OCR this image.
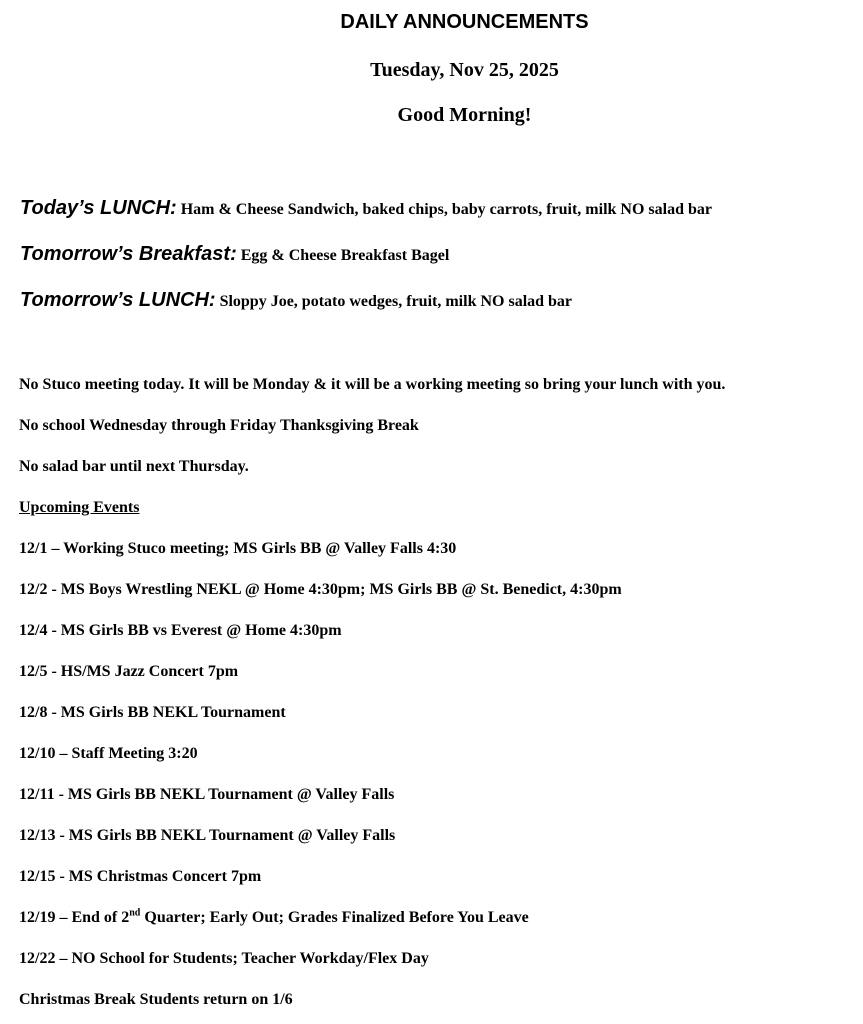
DAILY ANNOUNCEMENTS
Tuesday, Nov 25, 2025
Good Morning!
Today’s LUNCH: Ham & Cheese Sandwich, baked chips, baby carrots, fruit, milk NO salad bar
Tomorrow’s Breakfast: Egg & Cheese Breakfast Bagel
Tomorrow’s LUNCH: Sloppy Joe, potato wedges, fruit, milk NO salad bar
No Stuco meeting today. It will be Monday & it will be a working meeting so bring your lunch with you.
No school Wednesday through Friday Thanksgiving Break
No salad bar until next Thursday.
Upcoming Events
12/1 – Working Stuco meeting; MS Girls BB @ Valley Falls 4:30
12/2 - MS Boys Wrestling NEKL @ Home 4:30pm; MS Girls BB @ St. Benedict, 4:30pm
12/4 - MS Girls BB vs Everest @ Home 4:30pm
12/5 - HS/MS Jazz Concert 7pm
12/8 - MS Girls BB NEKL Tournament
12/10 – Staff Meeting 3:20
12/11 - MS Girls BB NEKL Tournament @ Valley Falls
12/13 - MS Girls BB NEKL Tournament @ Valley Falls
12/15 - MS Christmas Concert 7pm
12/19 – End of 2nd Quarter; Early Out; Grades Finalized Before You Leave
12/22 – NO School for Students; Teacher Workday/Flex Day
Christmas Break Students return on 1/6
